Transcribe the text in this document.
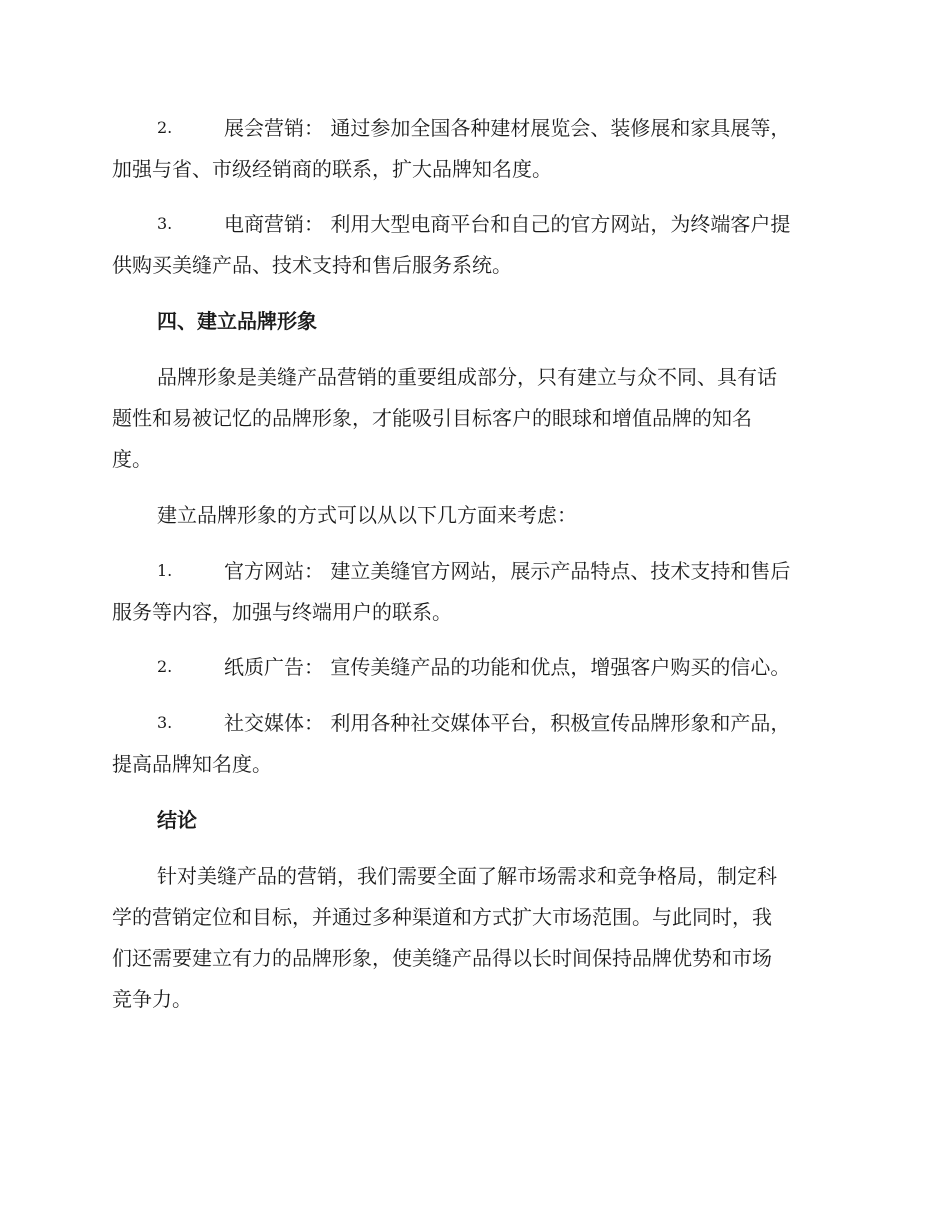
2.	展会营销： 通过参加全国各种建材展览会、装修展和家具展等，
加强与省、市级经销商的联系，扩大品牌知名度。
3.	电商营销： 利用大型电商平台和自己的官方网站，为终端客户提
供购买美缝产品、技术支持和售后服务系统。
四、建立品牌形象
品牌形象是美缝产品营销的重要组成部分，只有建立与众不同、具有话
题性和易被记忆的品牌形象，才能吸引目标客户的眼球和增值品牌的知名
度。
建立品牌形象的方式可以从以下几方面来考虑：
1.	官方网站： 建立美缝官方网站，展示产品特点、技术支持和售后
服务等内容，加强与终端用户的联系。
2.	纸质广告： 宣传美缝产品的功能和优点，增强客户购买的信心。
3.	社交媒体： 利用各种社交媒体平台，积极宣传品牌形象和产品，
提高品牌知名度。
结论
针对美缝产品的营销，我们需要全面了解市场需求和竞争格局，制定科
学的营销定位和目标，并通过多种渠道和方式扩大市场范围。与此同时，我
们还需要建立有力的品牌形象，使美缝产品得以长时间保持品牌优势和市场
竞争力。
